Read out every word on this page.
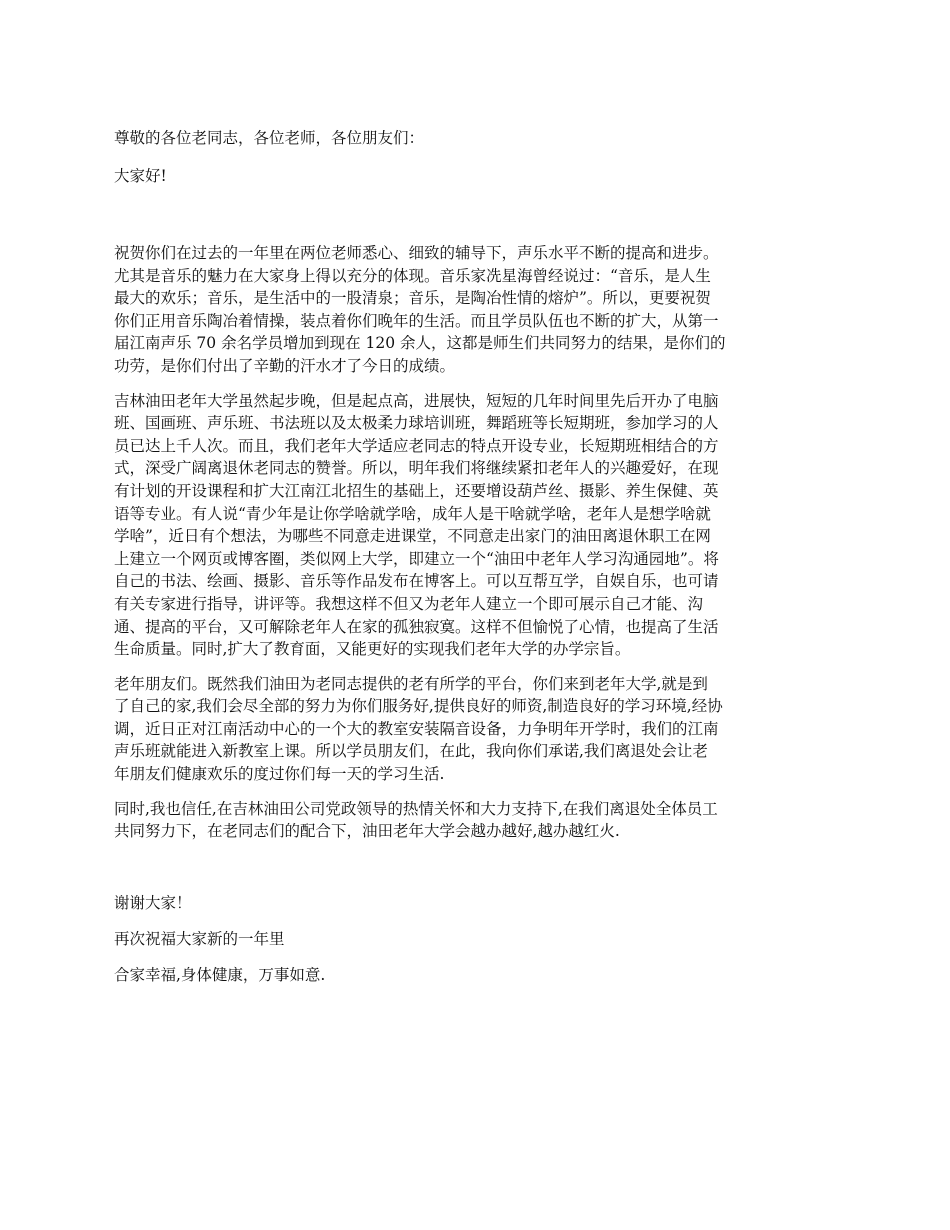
尊敬的各位老同志，各位老师，各位朋友们：

大家好!

祝贺你们在过去的一年里在两位老师悉心、细致的辅导下，声乐水平不断的提高和进步。
尤其是音乐的魅力在大家身上得以充分的体现。音乐家冼星海曾经说过：“音乐，是人生
最大的欢乐；音乐，是生活中的一股清泉；音乐，是陶冶性情的熔炉”。所以，更要祝贺
你们正用音乐陶冶着情操，装点着你们晚年的生活。而且学员队伍也不断的扩大，从第一
届江南声乐 70 余名学员增加到现在 120 余人，这都是师生们共同努力的结果，是你们的
功劳，是你们付出了辛勤的汗水才了今日的成绩。
吉林油田老年大学虽然起步晚，但是起点高，进展快，短短的几年时间里先后开办了电脑
班、国画班、声乐班、书法班以及太极柔力球培训班，舞蹈班等长短期班，参加学习的人
员已达上千人次。而且，我们老年大学适应老同志的特点开设专业，长短期班相结合的方
式，深受广阔离退休老同志的赞誉。所以，明年我们将继续紧扣老年人的兴趣爱好，在现
有计划的开设课程和扩大江南江北招生的基础上，还要增设葫芦丝、摄影、养生保健、英
语等专业。有人说“青少年是让你学啥就学啥，成年人是干啥就学啥，老年人是想学啥就
学啥”，近日有个想法，为哪些不同意走进课堂，不同意走出家门的油田离退休职工在网
上建立一个网页或博客圈，类似网上大学，即建立一个“油田中老年人学习沟通园地”。将
自己的书法、绘画、摄影、音乐等作品发布在博客上。可以互帮互学，自娱自乐，也可请
有关专家进行指导，讲评等。我想这样不但又为老年人建立一个即可展示自己才能、沟
通、提高的平台，又可解除老年人在家的孤独寂寞。这样不但愉悦了心情，也提高了生活
生命质量。同时,扩大了教育面，又能更好的实现我们老年大学的办学宗旨。
老年朋友们。既然我们油田为老同志提供的老有所学的平台，你们来到老年大学,就是到
了自己的家,我们会尽全部的努力为你们服务好,提供良好的师资,制造良好的学习环境,经协
调，近日正对江南活动中心的一个大的教室安装隔音设备，力争明年开学时，我们的江南
声乐班就能进入新教室上课。所以学员朋友们，在此，我向你们承诺,我们离退处会让老
年朋友们健康欢乐的度过你们每一天的学习生活.
同时,我也信任,在吉林油田公司党政领导的热情关怀和大力支持下,在我们离退处全体员工
共同努力下，在老同志们的配合下，油田老年大学会越办越好,越办越红火.

谢谢大家！

再次祝福大家新的一年里

合家幸福,身体健康，万事如意.
